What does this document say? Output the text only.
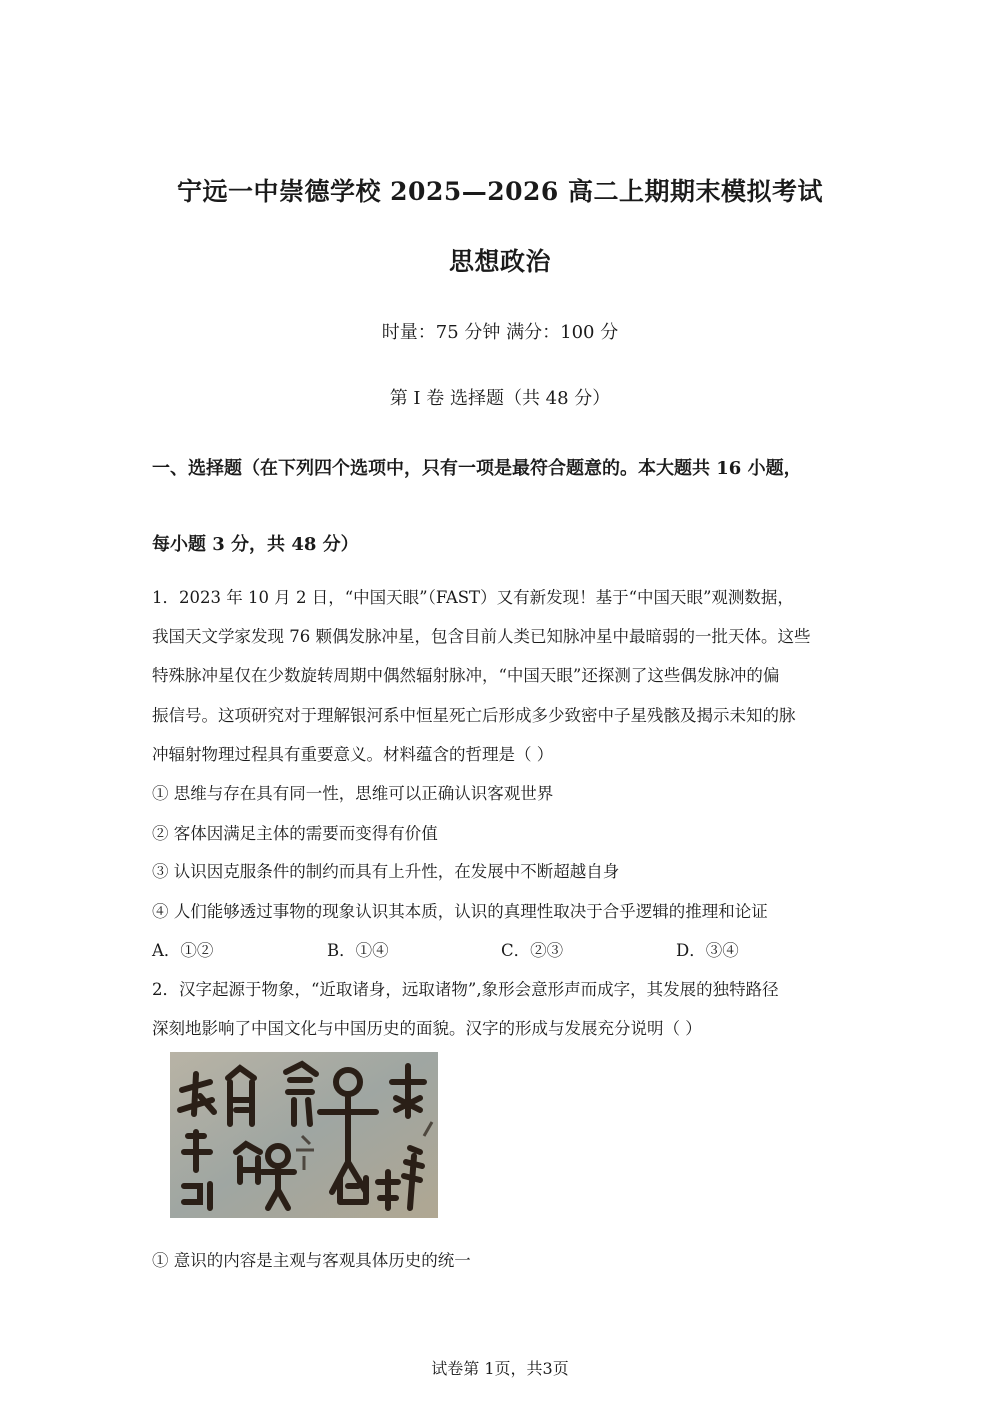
宁远一中崇德学校 2025—2026 高二上期期末模拟考试
思想政治
时量：75 分钟 满分：100 分
第 I 卷 选择题（共 48 分）
一、选择题（在下列四个选项中，只有一项是最符合题意的。本大题共 16 小题，
每小题 3 分，共 48 分）
1．2023 年 10 月 2 日，“中国天眼”（FAST）又有新发现！基于“中国天眼”观测数据，
我国天文学家发现 76 颗偶发脉冲星，包含目前人类已知脉冲星中最暗弱的一批天体。这些
特殊脉冲星仅在少数旋转周期中偶然辐射脉冲，“中国天眼”还探测了这些偶发脉冲的偏
振信号。这项研究对于理解银河系中恒星死亡后形成多少致密中子星残骸及揭示未知的脉
冲辐射物理过程具有重要意义。材料蕴含的哲理是（ ）
① 思维与存在具有同一性，思维可以正确认识客观世界
② 客体因满足主体的需要而变得有价值
③ 认识因克服条件的制约而具有上升性，在发展中不断超越自身
④ 人们能够透过事物的现象认识其本质，认识的真理性取决于合乎逻辑的推理和论证
A．①②	B．①④	C．②③	D．③④
2．汉字起源于物象，“近取诸身，远取诸物”,象形会意形声而成字，其发展的独特路径
深刻地影响了中国文化与中国历史的面貌。汉字的形成与发展充分说明（ ）
① 意识的内容是主观与客观具体历史的统一
试卷第 1页，共3页
